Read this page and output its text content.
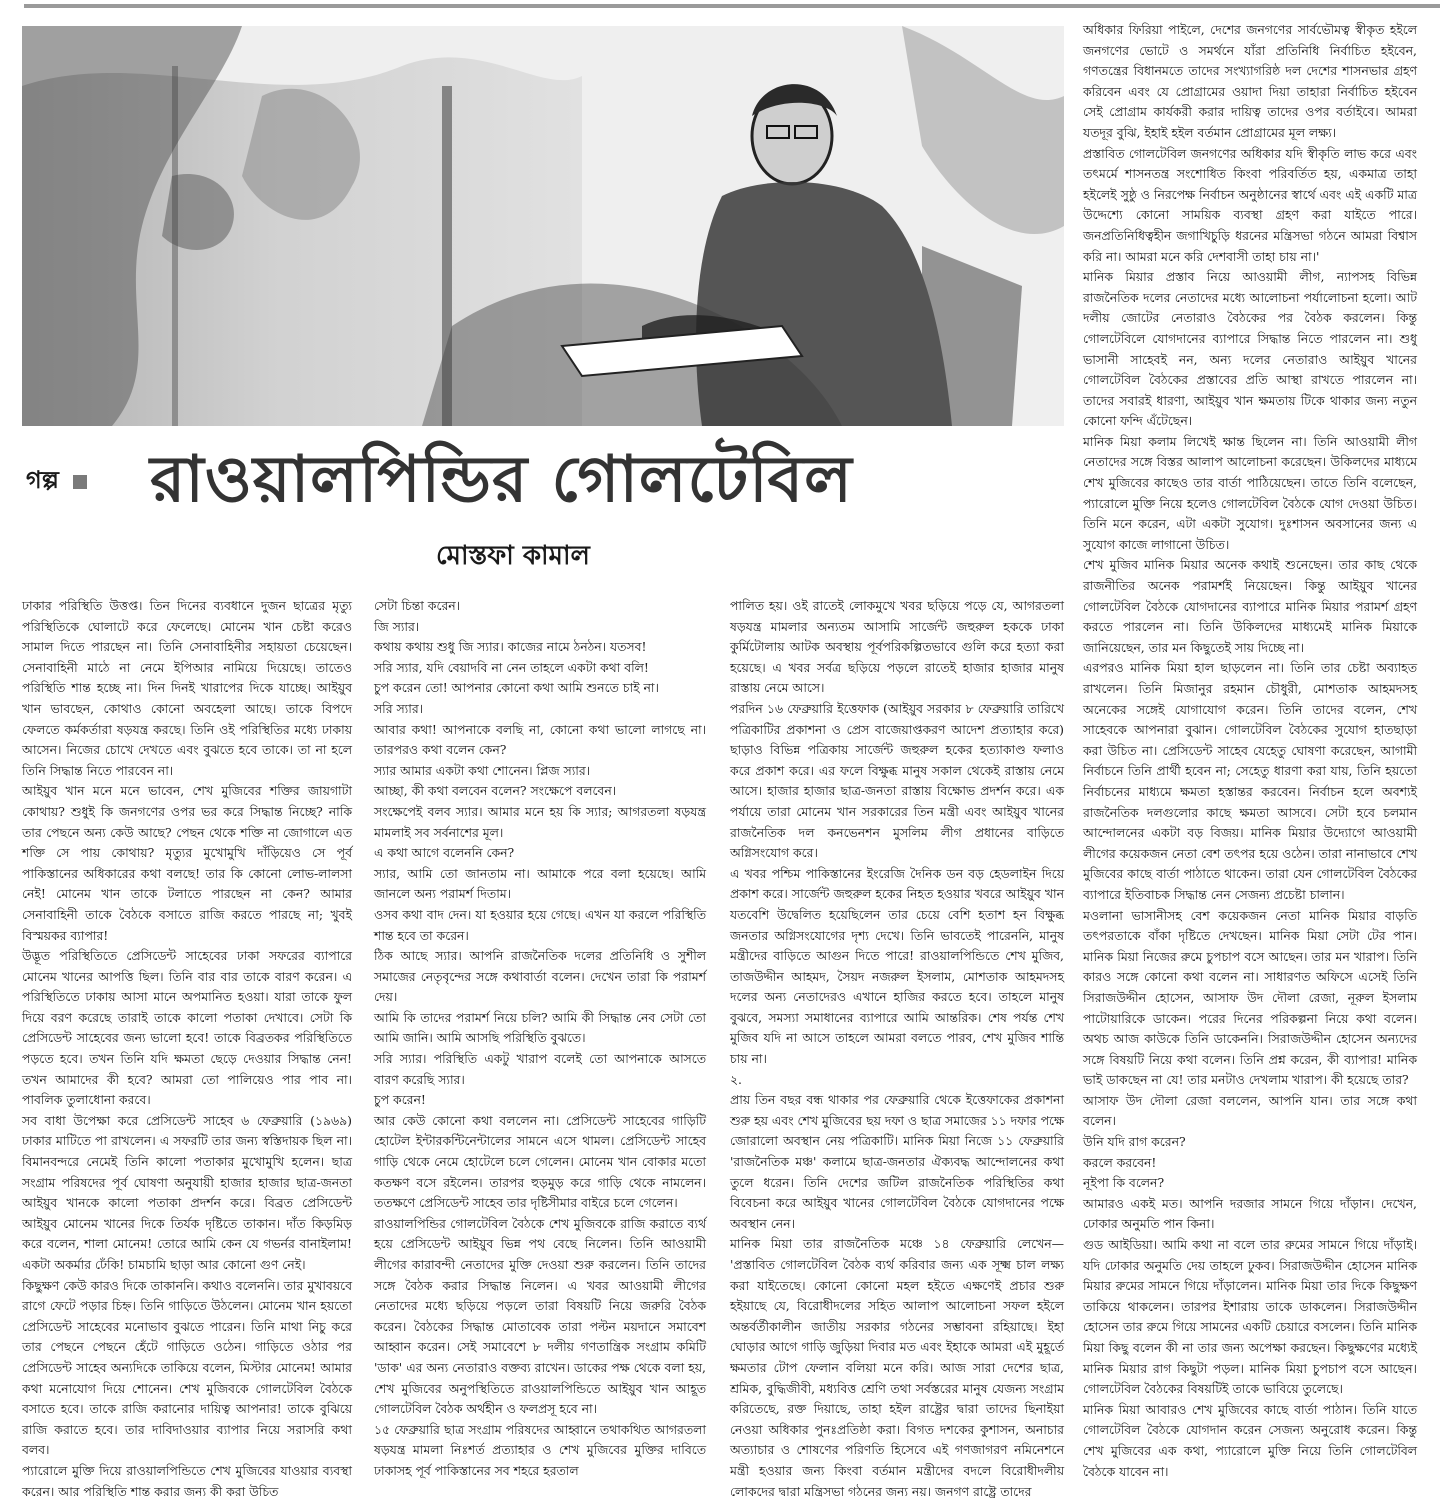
গল্প রাওয়ালপিন্ডির গোলটেবিল
মোস্তফা কামাল

ঢাকার পরিস্থিতি উত্তপ্ত। তিন দিনের ব্যবধানে দুজন ছাত্রের মৃত্যু পরিস্থিতিকে ঘোলাটে করে ফেলেছে। মোনেম খান চেষ্টা করেও সামাল দিতে পারছেন না। তিনি সেনাবাহিনীর সহায়তা চেয়েছেন। সেনাবাহিনী মাঠে না নেমে ইপিআর নামিয়ে দিয়েছে। তাতেও পরিস্থিতি শান্ত হচ্ছে না। দিন দিনই খারাপের দিকে যাচ্ছে। আইয়ুব খান ভাবছেন, কোথাও কোনো অবহেলা আছে। তাকে বিপদে ফেলতে কর্মকর্তারা ষড়যন্ত্র করছে। তিনি ওই পরিস্থিতির মধ্যে ঢাকায় আসেন। নিজের চোখে দেখতে এবং বুঝতে হবে তাকে। তা না হলে তিনি সিদ্ধান্ত নিতে পারবেন না।

আইয়ুব খান মনে মনে ভাবেন, শেখ মুজিবের শক্তির জায়গাটা কোথায়? শুধুই কি জনগণের ওপর ভর করে সিদ্ধান্ত নিচ্ছে? নাকি তার পেছনে অন্য কেউ আছে? পেছন থেকে শক্তি না জোগালে এত শক্তি সে পায় কোথায়? মৃত্যুর মুখোমুখি দাঁড়িয়েও সে পূর্ব পাকিস্তানের অধিকারের কথা বলছে! তার কি কোনো লোভ-লালসা নেই! মোনেম খান তাকে টলাতে পারছেন না কেন? আমার সেনাবাহিনী তাকে বৈঠকে বসাতে রাজি করতে পারছে না; খুবই বিস্ময়কর ব্যাপার!

উদ্ভূত পরিস্থিতিতে প্রেসিডেন্ট সাহেবের ঢাকা সফরের ব্যাপারে মোনেম খানের আপত্তি ছিল। তিনি বার বার তাকে বারণ করেন। এ পরিস্থিতিতে ঢাকায় আসা মানে অপমানিত হওয়া। যারা তাকে ফুল দিয়ে বরণ করেছে তারাই তাকে কালো পতাকা দেখাবে। সেটা কি প্রেসিডেন্ট সাহেবের জন্য ভালো হবে! তাকে বিব্রতকর পরিস্থিতিতে পড়তে হবে। তখন তিনি যদি ক্ষমতা ছেড়ে দেওয়ার সিদ্ধান্ত নেন! তখন আমাদের কী হবে? আমরা তো পালিয়েও পার পাব না। পাবলিক তুলাধোনা করবে।

সব বাধা উপেক্ষা করে প্রেসিডেন্ট সাহেব ৬ ফেব্রুয়ারি (১৯৬৯) ঢাকার মাটিতে পা রাখলেন। এ সফরটি তার জন্য স্বস্তিদায়ক ছিল না। বিমানবন্দরে নেমেই তিনি কালো পতাকার মুখোমুখি হলেন। ছাত্র সংগ্রাম পরিষদের পূর্ব ঘোষণা অনুযায়ী হাজার হাজার ছাত্র-জনতা আইয়ুব খানকে কালো পতাকা প্রদর্শন করে। বিব্রত প্রেসিডেন্ট আইয়ুব মোনেম খানের দিকে তির্যক দৃষ্টিতে তাকান। দাঁত কিড়মিড় করে বলেন, শালা মোনেম! তোরে আমি কেন যে গভর্নর বানাইলাম! একটা অকর্মার ঢেঁকি! চামচামি ছাড়া আর কোনো গুণ নেই।

কিছুক্ষণ কেউ কারও দিকে তাকাননি। কথাও বলেননি। তার মুখাবয়বে রাগে ফেটে পড়ার চিহ্ন। তিনি গাড়িতে উঠলেন। মোনেম খান হয়তো প্রেসিডেন্ট সাহেবের মনোভাব বুঝতে পারেন। তিনি মাথা নিচু করে তার পেছনে পেছনে হেঁটে গাড়িতে ওঠেন। গাড়িতে ওঠার পর প্রেসিডেন্ট সাহেব অন্যদিকে তাকিয়ে বলেন, মিস্টার মোনেম! আমার কথা মনোযোগ দিয়ে শোনেন। শেখ মুজিবকে গোলটেবিল বৈঠকে বসাতে হবে। তাকে রাজি করানোর দায়িত্ব আপনার! তাকে বুঝিয়ে রাজি করাতে হবে। তার দাবিদাওয়ার ব্যাপার নিয়ে সরাসরি কথা বলব।

প্যারোলে মুক্তি দিয়ে রাওয়ালপিন্ডিতে শেখ মুজিবের যাওয়ার ব্যবস্থা করেন। আর পরিস্থিতি শান্ত করার জন্য কী করা উচিত

সেটা চিন্তা করেন।

জি স্যার।

কথায় কথায় শুধু জি স্যার। কাজের নামে ঠনঠন। যতসব!

সরি স্যার, যদি বেয়াদবি না নেন তাহলে একটা কথা বলি!

চুপ করেন তো! আপনার কোনো কথা আমি শুনতে চাই না।

সরি স্যার।

আবার কথা! আপনাকে বলছি না, কোনো কথা ভালো লাগছে না। তারপরও কথা বলেন কেন?

স্যার আমার একটা কথা শোনেন। প্লিজ স্যার।

আচ্ছা, কী কথা বলবেন বলেন? সংক্ষেপে বলবেন।

সংক্ষেপেই বলব স্যার। আমার মনে হয় কি স্যার; আগরতলা ষড়যন্ত্র মামলাই সব সর্বনাশের মূল।

এ কথা আগে বলেননি কেন?

স্যার, আমি তো জানতাম না। আমাকে পরে বলা হয়েছে। আমি জানলে অন্য পরামর্শ দিতাম।

ওসব কথা বাদ দেন। যা হওয়ার হয়ে গেছে। এখন যা করলে পরিস্থিতি শান্ত হবে তা করেন।

ঠিক আছে স্যার। আপনি রাজনৈতিক দলের প্রতিনিধি ও সুশীল সমাজের নেতৃবৃন্দের সঙ্গে কথাবার্তা বলেন। দেখেন তারা কি পরামর্শ দেয়।

আমি কি তাদের পরামর্শ নিয়ে চলি? আমি কী সিদ্ধান্ত নেব সেটা তো আমি জানি। আমি আসছি পরিস্থিতি বুঝতে।

সরি স্যার। পরিস্থিতি একটু খারাপ বলেই তো আপনাকে আসতে বারণ করেছি স্যার।

চুপ করেন!

আর কেউ কোনো কথা বললেন না। প্রেসিডেন্ট সাহেবের গাড়িটি হোটেল ইন্টারকন্টিনেন্টালের সামনে এসে থামল। প্রেসিডেন্ট সাহেব গাড়ি থেকে নেমে হোটেলে চলে গেলেন। মোনেম খান বোকার মতো কতক্ষণ বসে রইলেন। তারপর হুড়মুড় করে গাড়ি থেকে নামলেন। ততক্ষণে প্রেসিডেন্ট সাহেব তার দৃষ্টিসীমার বাইরে চলে গেলেন।

রাওয়ালপিন্ডির গোলটেবিল বৈঠকে শেখ মুজিবকে রাজি করাতে ব্যর্থ হয়ে প্রেসিডেন্ট আইয়ুব ভিন্ন পথ বেছে নিলেন। তিনি আওয়ামী লীগের কারাবন্দী নেতাদের মুক্তি দেওয়া শুরু করলেন। তিনি তাদের সঙ্গে বৈঠক করার সিদ্ধান্ত নিলেন। এ খবর আওয়ামী লীগের নেতাদের মধ্যে ছড়িয়ে পড়লে তারা বিষয়টি নিয়ে জরুরি বৈঠক করেন। বৈঠকের সিদ্ধান্ত মোতাবেক তারা পল্টন ময়দানে সমাবেশ আহ্বান করেন। সেই সমাবেশে ৮ দলীয় গণতান্ত্রিক সংগ্রাম কমিটি 'ডাক' এর অন্য নেতারাও বক্তব্য রাখেন। ডাকের পক্ষ থেকে বলা হয়, শেখ মুজিবের অনুপস্থিতিতে রাওয়ালপিন্ডিতে আইয়ুব খান আহূত গোলটেবিল বৈঠক অর্থহীন ও ফলপ্রসূ হবে না।

১৫ ফেব্রুয়ারি ছাত্র সংগ্রাম পরিষদের আহ্বানে তথাকথিত আগরতলা ষড়যন্ত্র মামলা নিঃশর্ত প্রত্যাহার ও শেখ মুজিবের মুক্তির দাবিতে ঢাকাসহ পূর্ব পাকিস্তানের সব শহরে হরতাল

পালিত হয়। ওই রাতেই লোকমুখে খবর ছড়িয়ে পড়ে যে, আগরতলা ষড়যন্ত্র মামলার অন্যতম আসামি সার্জেন্ট জহুরুল হককে ঢাকা কুর্মিটোলায় আটক অবস্থায় পূর্বপরিকল্পিতভাবে গুলি করে হত্যা করা হয়েছে। এ খবর সর্বত্র ছড়িয়ে পড়লে রাতেই হাজার হাজার মানুষ রাস্তায় নেমে আসে।

পরদিন ১৬ ফেব্রুয়ারি ইত্তেফাক (আইয়ুব সরকার ৮ ফেব্রুয়ারি তারিখে পত্রিকাটির প্রকাশনা ও প্রেস বাজেয়াপ্তকরণ আদেশ প্রত্যাহার করে) ছাড়াও বিভিন্ন পত্রিকায় সার্জেন্ট জহুরুল হকের হত্যাকাণ্ড ফলাও করে প্রকাশ করে। এর ফলে বিক্ষুব্ধ মানুষ সকাল থেকেই রাস্তায় নেমে আসে। হাজার হাজার ছাত্র-জনতা রাস্তায় বিক্ষোভ প্রদর্শন করে। এক পর্যায়ে তারা মোনেম খান সরকারের তিন মন্ত্রী এবং আইয়ুব খানের রাজনৈতিক দল কনভেনশন মুসলিম লীগ প্রধানের বাড়িতে অগ্নিসংযোগ করে।

এ খবর পশ্চিম পাকিস্তানের ইংরেজি দৈনিক ডন বড় হেডলাইন দিয়ে প্রকাশ করে। সার্জেন্ট জহুরুল হকের নিহত হওয়ার খবরে আইয়ুব খান যতবেশি উদ্বেলিত হয়েছিলেন তার চেয়ে বেশি হতাশ হন বিক্ষুব্ধ জনতার অগ্নিসংযোগের দৃশ্য দেখে। তিনি ভাবতেই পারেননি, মানুষ মন্ত্রীদের বাড়িতে আগুন দিতে পারে! রাওয়ালপিন্ডিতে শেখ মুজিব, তাজউদ্দীন আহমদ, সৈয়দ নজরুল ইসলাম, মোশতাক আহমদসহ দলের অন্য নেতাদেরও এখানে হাজির করতে হবে। তাহলে মানুষ বুঝবে, সমস্যা সমাধানের ব্যাপারে আমি আন্তরিক। শেষ পর্যন্ত শেখ মুজিব যদি না আসে তাহলে আমরা বলতে পারব, শেখ মুজিব শান্তি চায় না।

২.

প্রায় তিন বছর বন্ধ থাকার পর ফেব্রুয়ারি থেকে ইত্তেফাকের প্রকাশনা শুরু হয় এবং শেখ মুজিবের ছয় দফা ও ছাত্র সমাজের ১১ দফার পক্ষে জোরালো অবস্থান নেয় পত্রিকাটি। মানিক মিয়া নিজে ১১ ফেব্রুয়ারি 'রাজনৈতিক মঞ্চ' কলামে ছাত্র-জনতার ঐক্যবদ্ধ আন্দোলনের কথা তুলে ধরেন। তিনি দেশের জটিল রাজনৈতিক পরিস্থিতির কথা বিবেচনা করে আইয়ুব খানের গোলটেবিল বৈঠকে যোগদানের পক্ষে অবস্থান নেন।

মানিক মিয়া তার রাজনৈতিক মঞ্চে ১৪ ফেব্রুয়ারি লেখেন— 'প্রস্তাবিত গোলটেবিল বৈঠক ব্যর্থ করিবার জন্য এক সূক্ষ্ম চাল লক্ষ্য করা যাইতেছে। কোনো কোনো মহল হইতে এক্ষণেই প্রচার শুরু হইয়াছে যে, বিরোধীদলের সহিত আলাপ আলোচনা সফল হইলে অন্তর্বর্তীকালীন জাতীয় সরকার গঠনের সম্ভাবনা রহিয়াছে। ইহা ঘোড়ার আগে গাড়ি জুড়িয়া দিবার মত এবং ইহাকে আমরা এই মুহূর্তে ক্ষমতার টোপ ফেলান বলিয়া মনে করি। আজ সারা দেশের ছাত্র, শ্রমিক, বুদ্ধিজীবী, মধ্যবিত্ত শ্রেণি তথা সর্বস্তরের মানুষ যেজন্য সংগ্রাম করিতেছে, রক্ত দিয়াছে, তাহা হইল রাষ্ট্রের দ্বারা তাদের ছিনাইয়া নেওয়া অধিকার পুনঃপ্রতিষ্ঠা করা। বিগত দশকের কুশাসন, অনাচার অত্যাচার ও শোষণের পরিণতি হিসেবে এই গণজাগরণ নমিনেশনে মন্ত্রী হওয়ার জন্য কিংবা বর্তমান মন্ত্রীদের বদলে বিরোধীদলীয় লোকদের দ্বারা মন্ত্রিসভা গঠনের জন্য নয়। জনগণ রাষ্ট্রে তাদের

অধিকার ফিরিয়া পাইলে, দেশের জনগণের সার্বভৌমত্ব স্বীকৃত হইলে জনগণের ভোটে ও সমর্থনে যাঁরা প্রতিনিধি নির্বাচিত হইবেন, গণতন্ত্রের বিধানমতে তাদের সংখ্যাগরিষ্ঠ দল দেশের শাসনভার গ্রহণ করিবেন এবং যে প্রোগ্রামের ওয়াদা দিয়া তাহারা নির্বাচিত হইবেন সেই প্রোগ্রাম কার্যকরী করার দায়িত্ব তাদের ওপর বর্তাইবে। আমরা যতদূর বুঝি, ইহাই হইল বর্তমান প্রোগ্রামের মূল লক্ষ্য।

প্রস্তাবিত গোলটেবিল জনগণের অধিকার যদি স্বীকৃতি লাভ করে এবং তৎমর্মে শাসনতন্ত্র সংশোধিত কিংবা পরিবর্তিত হয়, একমাত্র তাহা হইলেই সুষ্ঠু ও নিরপেক্ষ নির্বাচন অনুষ্ঠানের স্বার্থে এবং এই একটি মাত্র উদ্দেশ্যে কোনো সাময়িক ব্যবস্থা গ্রহণ করা যাইতে পারে। জনপ্রতিনিধিত্বহীন জগাখিচুড়ি ধরনের মন্ত্রিসভা গঠনে আমরা বিশ্বাস করি না। আমরা মনে করি দেশবাসী তাহা চায় না।'

মানিক মিয়ার প্রস্তাব নিয়ে আওয়ামী লীগ, ন্যাপসহ বিভিন্ন রাজনৈতিক দলের নেতাদের মধ্যে আলোচনা পর্যালোচনা হলো। আট দলীয় জোটের নেতারাও বৈঠকের পর বৈঠক করলেন। কিন্তু গোলটেবিলে যোগদানের ব্যাপারে সিদ্ধান্ত নিতে পারলেন না। শুধু ভাসানী সাহেবই নন, অন্য দলের নেতারাও আইয়ুব খানের গোলটেবিল বৈঠকের প্রস্তাবের প্রতি আস্থা রাখতে পারলেন না। তাদের সবারই ধারণা, আইয়ুব খান ক্ষমতায় টিকে থাকার জন্য নতুন কোনো ফন্দি এঁটেছেন।

মানিক মিয়া কলাম লিখেই ক্ষান্ত ছিলেন না। তিনি আওয়ামী লীগ নেতাদের সঙ্গে বিস্তর আলাপ আলোচনা করেছেন। উকিলদের মাধ্যমে শেখ মুজিবের কাছেও তার বার্তা পাঠিয়েছেন। তাতে তিনি বলেছেন, প্যারোলে মুক্তি নিয়ে হলেও গোলটেবিল বৈঠকে যোগ দেওয়া উচিত। তিনি মনে করেন, এটা একটা সুযোগ। দুঃশাসন অবসানের জন্য এ সুযোগ কাজে লাগানো উচিত।

শেখ মুজিব মানিক মিয়ার অনেক কথাই শুনেছেন। তার কাছ থেকে রাজনীতির অনেক পরামর্শই নিয়েছেন। কিন্তু আইয়ুব খানের গোলটেবিল বৈঠকে যোগদানের ব্যাপারে মানিক মিয়ার পরামর্শ গ্রহণ করতে পারলেন না। তিনি উকিলদের মাধ্যমেই মানিক মিয়াকে জানিয়েছেন, তার মন কিছুতেই সায় দিচ্ছে না।

এরপরও মানিক মিয়া হাল ছাড়লেন না। তিনি তার চেষ্টা অব্যাহত রাখলেন। তিনি মিজানুর রহমান চৌধুরী, মোশতাক আহমদসহ অনেকের সঙ্গেই যোগাযোগ করেন। তিনি তাদের বলেন, শেখ সাহেবকে আপনারা বুঝান। গোলটেবিল বৈঠকের সুযোগ হাতছাড়া করা উচিত না। প্রেসিডেন্ট সাহেব যেহেতু ঘোষণা করেছেন, আগামী নির্বাচনে তিনি প্রার্থী হবেন না; সেহেতু ধারণা করা যায়, তিনি হয়তো নির্বাচনের মাধ্যমে ক্ষমতা হস্তান্তর করবেন। নির্বাচন হলে অবশ্যই রাজনৈতিক দলগুলোর কাছে ক্ষমতা আসবে। সেটা হবে চলমান আন্দোলনের একটা বড় বিজয়। মানিক মিয়ার উদ্যোগে আওয়ামী লীগের কয়েকজন নেতা বেশ তৎপর হয়ে ওঠেন। তারা নানাভাবে শেখ মুজিবের কাছে বার্তা পাঠাতে থাকেন। তারা যেন গোলটেবিল বৈঠকের ব্যাপারে ইতিবাচক সিদ্ধান্ত নেন সেজন্য প্রচেষ্টা চালান।

মওলানা ভাসানীসহ বেশ কয়েকজন নেতা মানিক মিয়ার বাড়তি তৎপরতাকে বাঁকা দৃষ্টিতে দেখছেন। মানিক মিয়া সেটা টের পান। মানিক মিয়া নিজের রুমে চুপচাপ বসে আছেন। তার মন খারাপ। তিনি কারও সঙ্গে কোনো কথা বলেন না। সাধারণত অফিসে এসেই তিনি সিরাজউদ্দীন হোসেন, আসাফ উদ দৌলা রেজা, নূরুল ইসলাম পাটোয়ারিকে ডাকেন। পরের দিনের পরিকল্পনা নিয়ে কথা বলেন। অথচ আজ কাউকে তিনি ডাকেননি। সিরাজউদ্দীন হোসেন অন্যদের সঙ্গে বিষয়টি নিয়ে কথা বলেন। তিনি প্রশ্ন করেন, কী ব্যাপার! মানিক ভাই ডাকছেন না যে! তার মনটাও দেখলাম খারাপ। কী হয়েছে তার?

আসাফ উদ দৌলা রেজা বললেন, আপনি যান। তার সঙ্গে কথা বলেন।

উনি যদি রাগ করেন?

করলে করবেন!

নূইপা কি বলেন?

আমারও একই মত। আপনি দরজার সামনে গিয়ে দাঁড়ান। দেখেন, ঢোকার অনুমতি পান কিনা।

গুড আইডিয়া। আমি কথা না বলে তার রুমের সামনে গিয়ে দাঁড়াই। যদি ঢোকার অনুমতি দেয় তাহলে ঢুকব। সিরাজউদ্দীন হোসেন মানিক মিয়ার রুমের সামনে গিয়ে দাঁড়ালেন। মানিক মিয়া তার দিকে কিছুক্ষণ তাকিয়ে থাকলেন। তারপর ইশারায় তাকে ডাকলেন। সিরাজউদ্দীন হোসেন তার রুমে গিয়ে সামনের একটি চেয়ারে বসলেন। তিনি মানিক মিয়া কিছু বলেন কী না তার জন্য অপেক্ষা করছেন। কিছুক্ষণের মধ্যেই মানিক মিয়ার রাগ কিছুটা পড়ল। মানিক মিয়া চুপচাপ বসে আছেন। গোলটেবিল বৈঠকের বিষয়টিই তাকে ভাবিয়ে তুলেছে।

মানিক মিয়া আবারও শেখ মুজিবের কাছে বার্তা পাঠান। তিনি যাতে গোলটেবিল বৈঠকে যোগদান করেন সেজন্য অনুরোধ করেন। কিন্তু শেখ মুজিবের এক কথা, প্যারোলে মুক্তি নিয়ে তিনি গোলটেবিল বৈঠকে যাবেন না।
